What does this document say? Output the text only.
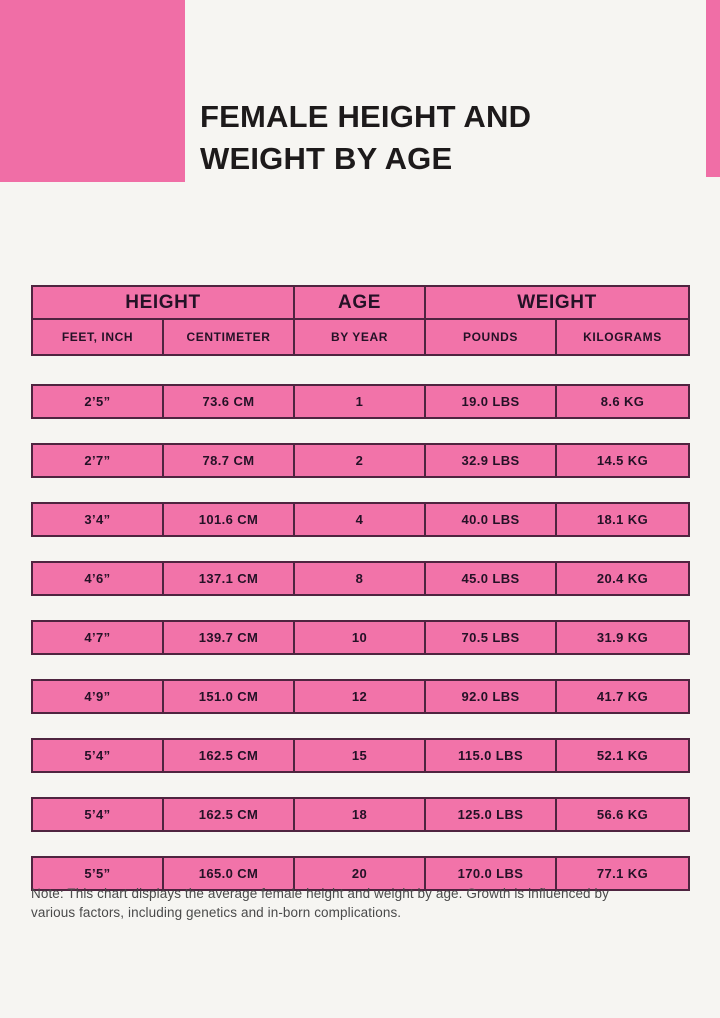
FEMALE HEIGHT AND
WEIGHT BY AGE
HEIGHT	AGE	WEIGHT
FEET, INCH	CENTIMETER	BY YEAR	POUNDS	KILOGRAMS
2’5”	73.6 CM	1	19.0 LBS	8.6 KG
2’7”	78.7 CM	2	32.9 LBS	14.5 KG
3’4”	101.6 CM	4	40.0 LBS	18.1 KG
4’6”	137.1 CM	8	45.0 LBS	20.4 KG
4’7”	139.7 CM	10	70.5 LBS	31.9 KG
4’9”	151.0 CM	12	92.0 LBS	41.7 KG
5’4”	162.5 CM	15	115.0 LBS	52.1 KG
5’4”	162.5 CM	18	125.0 LBS	56.6 KG
5’5”	165.0 CM	20	170.0 LBS	77.1 KG

Note: This chart displays the average female height and weight by age. Growth is influenced by various factors, including genetics and in-born complications.
